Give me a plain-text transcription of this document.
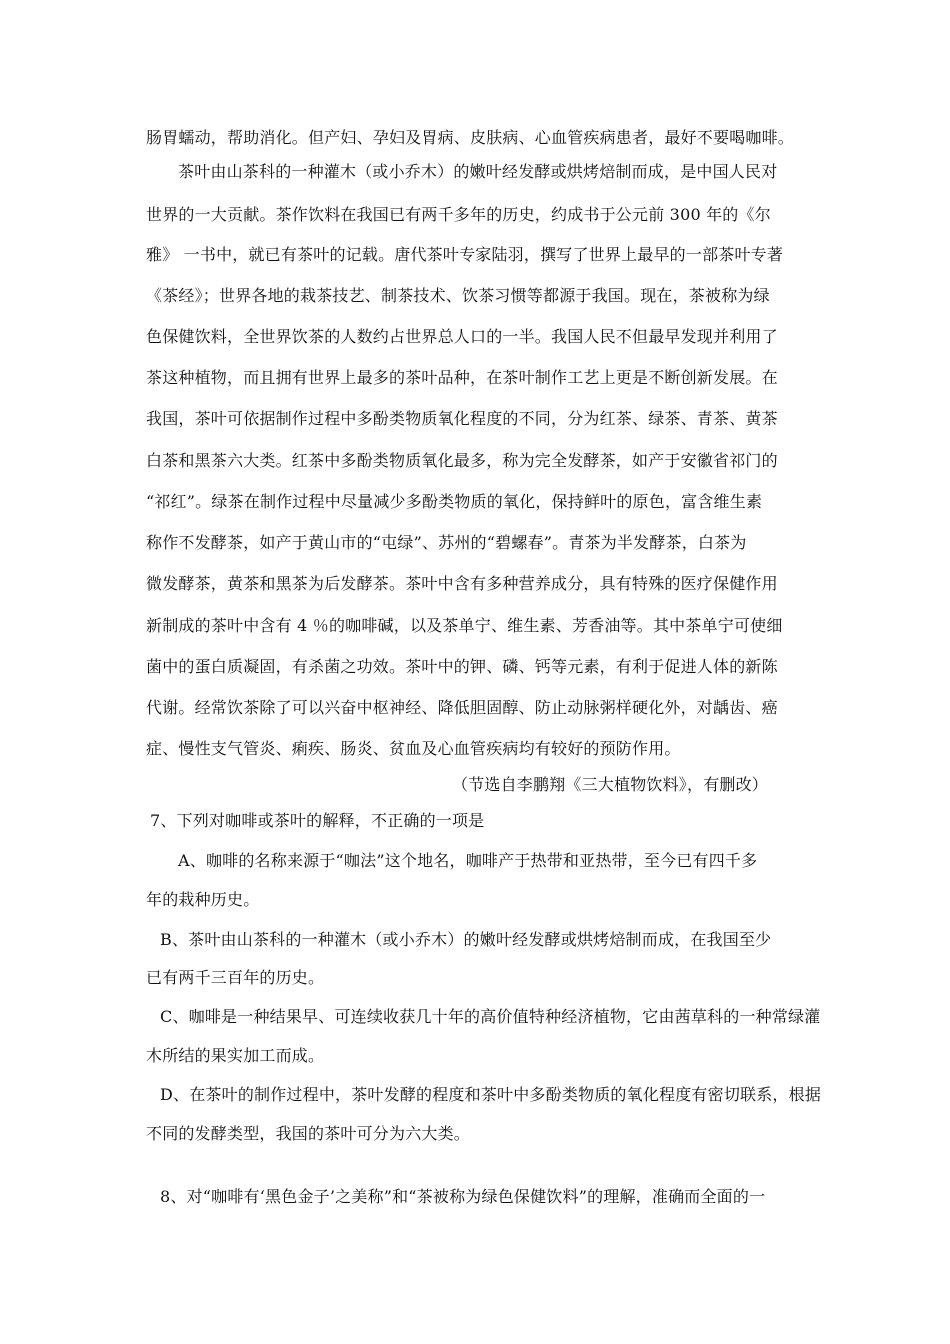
肠胃蠕动，帮助消化。但产妇、孕妇及胃病、皮肤病、心血管疾病患者，最好不要喝咖啡。
茶叶由山茶科的一种灌木（或小乔木）的嫩叶经发酵或烘烤焙制而成，是中国人民对
世界的一大贡献。茶作饮料在我国已有两千多年的历史，约成书于公元前 300 年的《尔
雅》 一书中，就已有茶叶的记载。唐代茶叶专家陆羽，撰写了世界上最早的一部茶叶专著
《茶经》；世界各地的栽茶技艺、制茶技术、饮茶习惯等都源于我国。现在，茶被称为绿
色保健饮料，全世界饮茶的人数约占世界总人口的一半。我国人民不但最早发现并利用了
茶这种植物，而且拥有世界上最多的茶叶品种，在茶叶制作工艺上更是不断创新发展。在
我国，茶叶可依据制作过程中多酚类物质氧化程度的不同，分为红茶、绿茶、青茶、黄茶
白茶和黑茶六大类。红茶中多酚类物质氧化最多，称为完全发酵茶，如产于安徽省祁门的
“祁红”。绿茶在制作过程中尽量减少多酚类物质的氧化，保持鲜叶的原色，富含维生素
称作不发酵茶，如产于黄山市的“屯绿”、苏州的“碧螺春”。青茶为半发酵茶，白茶为
微发酵茶，黄茶和黑茶为后发酵茶。茶叶中含有多种营养成分，具有特殊的医疗保健作用
新制成的茶叶中含有 4 ％的咖啡碱，以及茶单宁、维生素、芳香油等。其中茶单宁可使细
菌中的蛋白质凝固，有杀菌之功效。茶叶中的钾、磷、钙等元素，有利于促进人体的新陈
代谢。经常饮茶除了可以兴奋中枢神经、降低胆固醇、防止动脉粥样硬化外，对龋齿、癌
症、慢性支气管炎、痢疾、肠炎、贫血及心血管疾病均有较好的预防作用。
（节选自李鹏翔《三大植物饮料》，有删改）
7、下列对咖啡或茶叶的解释，不正确的一项是
A、咖啡的名称来源于“咖法”这个地名，咖啡产于热带和亚热带，至今已有四千多
年的栽种历史。
B、茶叶由山茶科的一种灌木（或小乔木）的嫩叶经发酵或烘烤焙制而成，在我国至少
已有两千三百年的历史。
C、咖啡是一种结果早、可连续收获几十年的高价值特种经济植物，它由茜草科的一种常绿灌
木所结的果实加工而成。
D、在茶叶的制作过程中，茶叶发酵的程度和茶叶中多酚类物质的氧化程度有密切联系，根据
不同的发酵类型，我国的茶叶可分为六大类。
8、对“咖啡有‘黑色金子’之美称”和“茶被称为绿色保健饮料”的理解，准确而全面的一
